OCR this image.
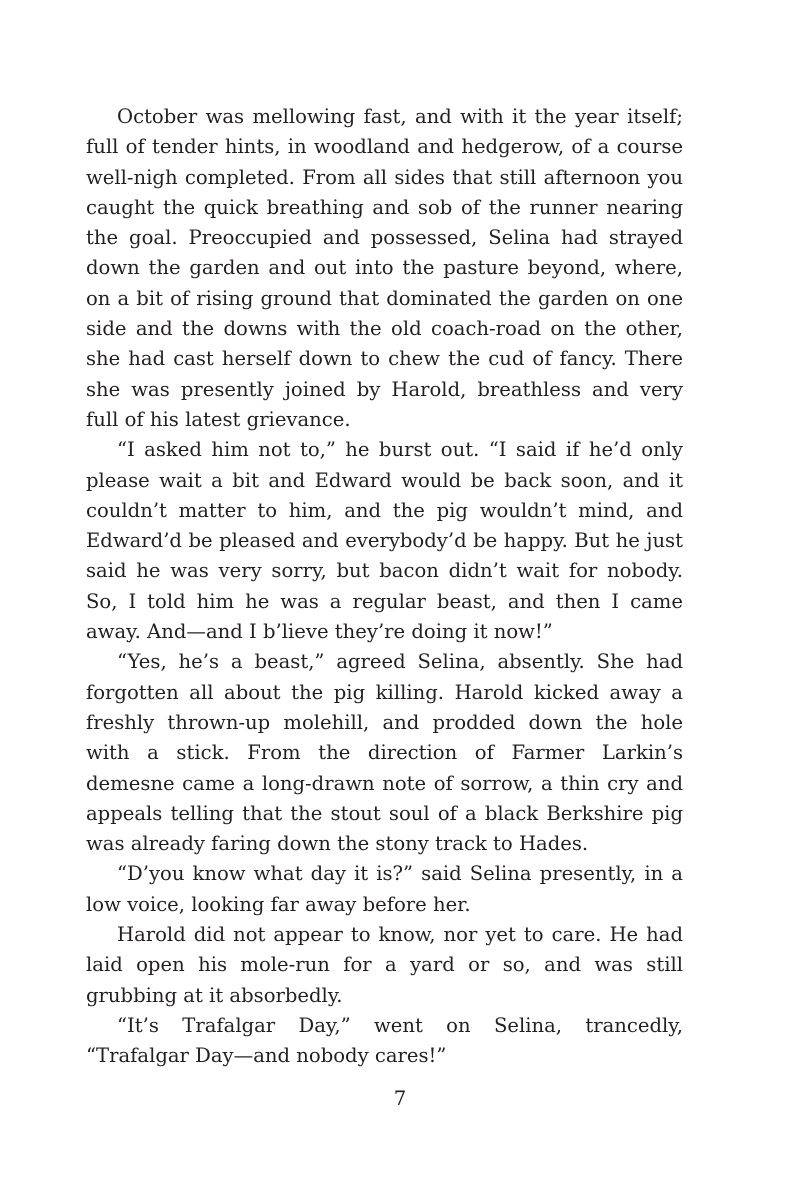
October was mellowing fast, and with it the year itself; full of tender hints, in woodland and hedgerow, of a course well-nigh completed. From all sides that still afternoon you caught the quick breathing and sob of the runner nearing the goal. Preoccupied and possessed, Selina had strayed down the garden and out into the pasture beyond, where, on a bit of rising ground that dominated the garden on one side and the downs with the old coach-road on the other, she had cast herself down to chew the cud of fancy. There she was presently joined by Harold, breathless and very full of his latest grievance.

“I asked him not to,” he burst out. “I said if he’d only please wait a bit and Edward would be back soon, and it couldn’t matter to him, and the pig wouldn’t mind, and Edward’d be pleased and everybody’d be happy. But he just said he was very sorry, but bacon didn’t wait for nobody. So, I told him he was a regular beast, and then I came away. And—and I b’lieve they’re doing it now!”

“Yes, he’s a beast,” agreed Selina, absently. She had forgotten all about the pig killing. Harold kicked away a freshly thrown-up molehill, and prodded down the hole with a stick. From the direction of Farmer Larkin’s demesne came a long-drawn note of sorrow, a thin cry and appeals telling that the stout soul of a black Berkshire pig was already faring down the stony track to Hades.

“D’you know what day it is?” said Selina presently, in a low voice, looking far away before her.

Harold did not appear to know, nor yet to care. He had laid open his mole-run for a yard or so, and was still grubbing at it absorbedly.

“It’s Trafalgar Day,” went on Selina, trancedly, “Trafalgar Day—and nobody cares!”

7
